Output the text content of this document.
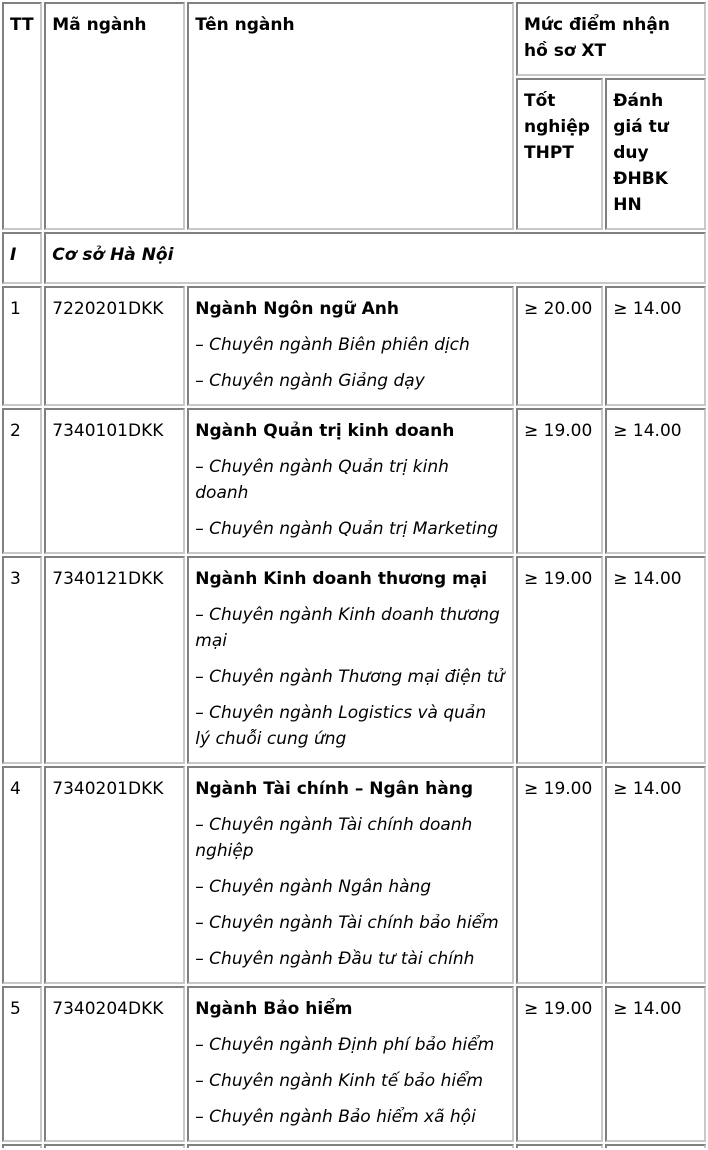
TT	Mã ngành	Tên ngành	Mức điểm nhận hồ sơ XT	
			Tốt nghiệp THPT	Đánh giá tư duy ĐHBK HN
I	Cơ sở Hà Nội			
1	7220201DKK	Ngành Ngôn ngữ Anh
– Chuyên ngành Biên phiên dịch
– Chuyên ngành Giảng dạy	≥ 20.00	≥ 14.00
2	7340101DKK	Ngành Quản trị kinh doanh
– Chuyên ngành Quản trị kinh doanh
– Chuyên ngành Quản trị Marketing	≥ 19.00	≥ 14.00
3	7340121DKK	Ngành Kinh doanh thương mại
– Chuyên ngành Kinh doanh thương mại
– Chuyên ngành Thương mại điện tử
– Chuyên ngành Logistics và quản lý chuỗi cung ứng	≥ 19.00	≥ 14.00
4	7340201DKK	Ngành Tài chính – Ngân hàng
– Chuyên ngành Tài chính doanh nghiệp
– Chuyên ngành Ngân hàng
– Chuyên ngành Tài chính bảo hiểm
– Chuyên ngành Đầu tư tài chính	≥ 19.00	≥ 14.00
5	7340204DKK	Ngành Bảo hiểm
– Chuyên ngành Định phí bảo hiểm
– Chuyên ngành Kinh tế bảo hiểm
– Chuyên ngành Bảo hiểm xã hội	≥ 19.00	≥ 14.00
